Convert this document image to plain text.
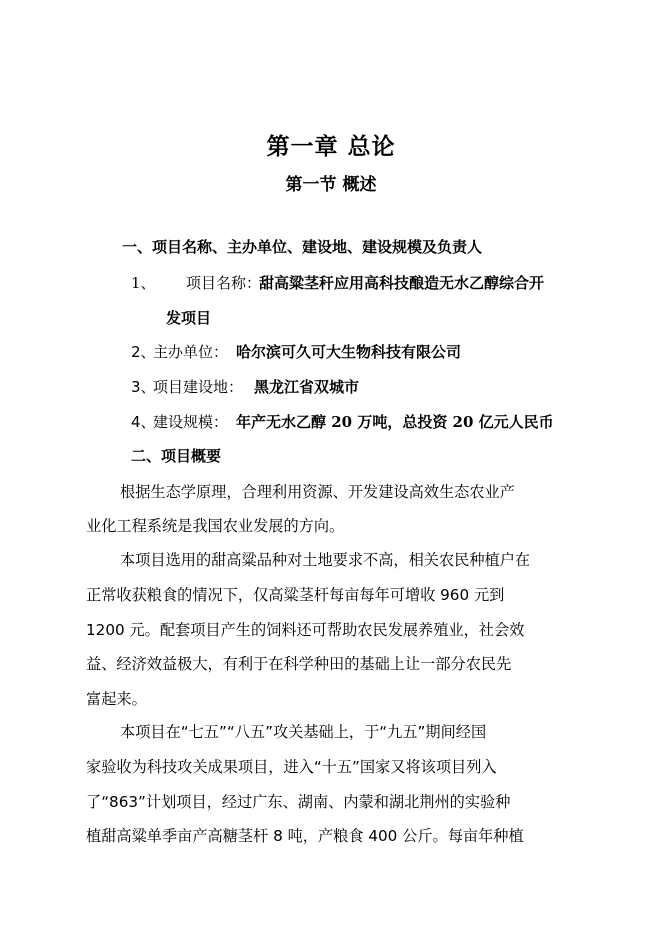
第一章 总论
第一节 概述
一、项目名称、主办单位、建设地、建设规模及负责人
1、 项目名称：
甜高粱茎秆应用高科技酿造无水乙醇综合开
发项目
2、
主办单位： 哈尔滨可久可大生物科技有限公司
3、
项目建设地： 黑龙江省双城市
4、
建设规模： 年产无水乙醇 20 万吨，总投资 20 亿元人民币
二、项目概要
根据生态学原理，合理利用资源、开发建设高效生态农业产
业化工程系统是我国农业发展的方向。
本项目选用的甜高粱品种对土地要求不高，相关农民种植户在
正常收获粮食的情况下，仅高粱茎杆每亩每年可增收 960 元到
1200 元。配套项目产生的饲料还可帮助农民发展养殖业，社会效
益、经济效益极大，有利于在科学种田的基础上让一部分农民先
富起来。
本项目在“七五”“八五”攻关基础上，于“九五”期间经国
家验收为科技攻关成果项目，进入“十五”国家又将该项目列入
了“863”计划项目，经过广东、湖南、内蒙和湖北荆州的实验种
植甜高粱单季亩产高糖茎杆 8 吨，产粮食 400 公斤。每亩年种植
